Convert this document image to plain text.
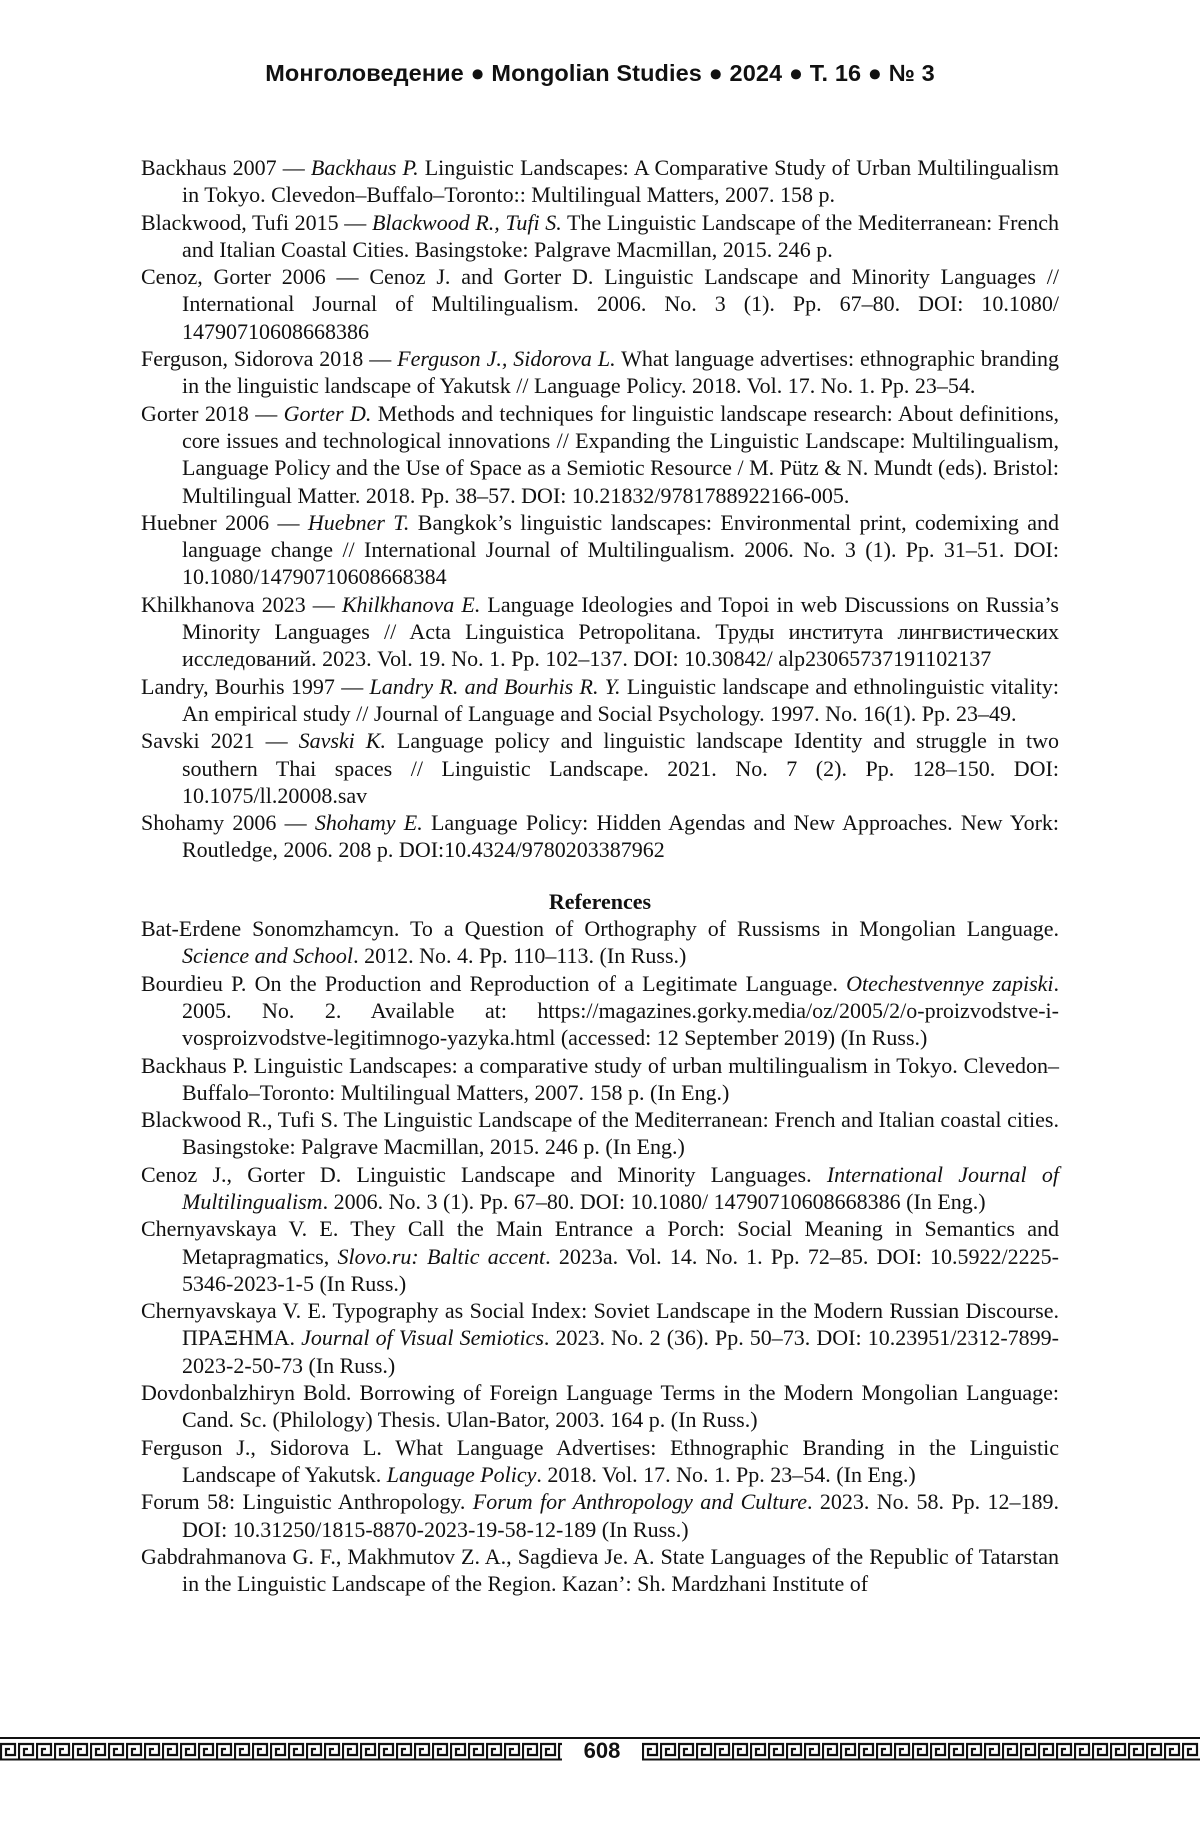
Монголоведение ● Mongolian Studies ● 2024 ● Т. 16 ● № 3

Backhaus 2007 — Backhaus P. Linguistic Landscapes: A Comparative Study of Urban Multilingualism in Tokyo. Clevedon–Buffalo–Toronto:: Multilingual Matters, 2007. 158 p.

Blackwood, Tufi 2015 — Blackwood R., Tufi S. The Linguistic Landscape of the Mediterranean: French and Italian Coastal Cities. Basingstoke: Palgrave Macmillan, 2015. 246 p.

Cenoz, Gorter 2006 — Cenoz J. and Gorter D. Linguistic Landscape and Minority Languages // International Journal of Multilingualism. 2006. No. 3 (1). Pp. 67–80. DOI: 10.1080/ 14790710608668386

Ferguson, Sidorova 2018 — Ferguson J., Sidorova L. What language advertises: ethnographic branding in the linguistic landscape of Yakutsk // Language Policy. 2018. Vol. 17. No. 1. Pp. 23–54.

Gorter 2018 — Gorter D. Methods and techniques for linguistic landscape research: About definitions, core issues and technological innovations // Expanding the Linguistic Landscape: Multilingualism, Language Policy and the Use of Space as a Semiotic Resource / M. Pütz & N. Mundt (eds). Bristol: Multilingual Matter. 2018. Pp. 38–57. DOI: 10.21832/9781788922166-005.

Huebner 2006 — Huebner T. Bangkok’s linguistic landscapes: Environmental print, codemixing and language change // International Journal of Multilingualism. 2006. No. 3 (1). Pp. 31–51. DOI: 10.1080/14790710608668384

Khilkhanova 2023 — Khilkhanova E. Language Ideologies and Topoi in web Discussions on Russia’s Minority Languages // Acta Linguistica Petropolitana. Труды института лингвистических исследований. 2023. Vol. 19. No. 1. Pp. 102–137. DOI: 10.30842/ alp23065737191102137

Landry, Bourhis 1997 — Landry R. and Bourhis R. Y. Linguistic landscape and ethnolinguistic vitality: An empirical study // Journal of Language and Social Psychology. 1997. No. 16(1). Pp. 23–49.

Savski 2021 — Savski K. Language policy and linguistic landscape Identity and struggle in two southern Thai spaces // Linguistic Landscape. 2021. No. 7 (2). Pp. 128–150. DOI: 10.1075/ll.20008.sav

Shohamy 2006 — Shohamy E. Language Policy: Hidden Agendas and New Approaches. New York: Routledge, 2006. 208 p. DOI:10.4324/9780203387962

References

Bat-Erdene Sonomzhamcyn. To a Question of Orthography of Russisms in Mongolian Language. Science and School. 2012. No. 4. Pp. 110–113. (In Russ.)

Bourdieu P. On the Production and Reproduction of a Legitimate Language. Otechestvennye zapiski. 2005. No. 2. Available at: https://magazines.gorky.media/oz/2005/2/o-proizvodstve-i-vosproizvodstve-legitimnogo-yazyka.html (accessed: 12 September 2019) (In Russ.)

Backhaus P. Linguistic Landscapes: a comparative study of urban multilingualism in Tokyo. Clevedon–Buffalo–Toronto: Multilingual Matters, 2007. 158 p. (In Eng.)

Blackwood R., Tufi S. The Linguistic Landscape of the Mediterranean: French and Italian coastal cities. Basingstoke: Palgrave Macmillan, 2015. 246 p. (In Eng.)

Cenoz J., Gorter D. Linguistic Landscape and Minority Languages. International Journal of Multilingualism. 2006. No. 3 (1). Pp. 67–80. DOI: 10.1080/ 14790710608668386 (In Eng.)

Chernyavskaya V. E. They Call the Main Entrance a Porch: Social Meaning in Semantics and Metapragmatics, Slovo.ru: Baltic accent. 2023a. Vol. 14. No. 1. Pp. 72–85. DOI: 10.5922/2225-5346-2023-1-5 (In Russ.)

Chernyavskaya V. E. Typography as Social Index: Soviet Landscape in the Modern Russian Discourse. ΠΡΑΞΗΜΑ. Journal of Visual Semiotics. 2023. No. 2 (36). Pp. 50–73. DOI: 10.23951/2312-7899-2023-2-50-73 (In Russ.)

Dovdonbalzhiryn Bold. Borrowing of Foreign Language Terms in the Modern Mongolian Language: Cand. Sc. (Philology) Thesis. Ulan-Bator, 2003. 164 p. (In Russ.)

Ferguson J., Sidorova L. What Language Advertises: Ethnographic Branding in the Linguistic Landscape of Yakutsk. Language Policy. 2018. Vol. 17. No. 1. Pp. 23–54. (In Eng.)

Forum 58: Linguistic Anthropology. Forum for Anthropology and Culture. 2023. No. 58. Pp. 12–189. DOI: 10.31250/1815-8870-2023-19-58-12-189 (In Russ.)

Gabdrahmanova G. F., Makhmutov Z. A., Sagdieva Je. A. State Languages of the Republic of Tatarstan in the Linguistic Landscape of the Region. Kazan’: Sh. Mardzhani Institute of

608
